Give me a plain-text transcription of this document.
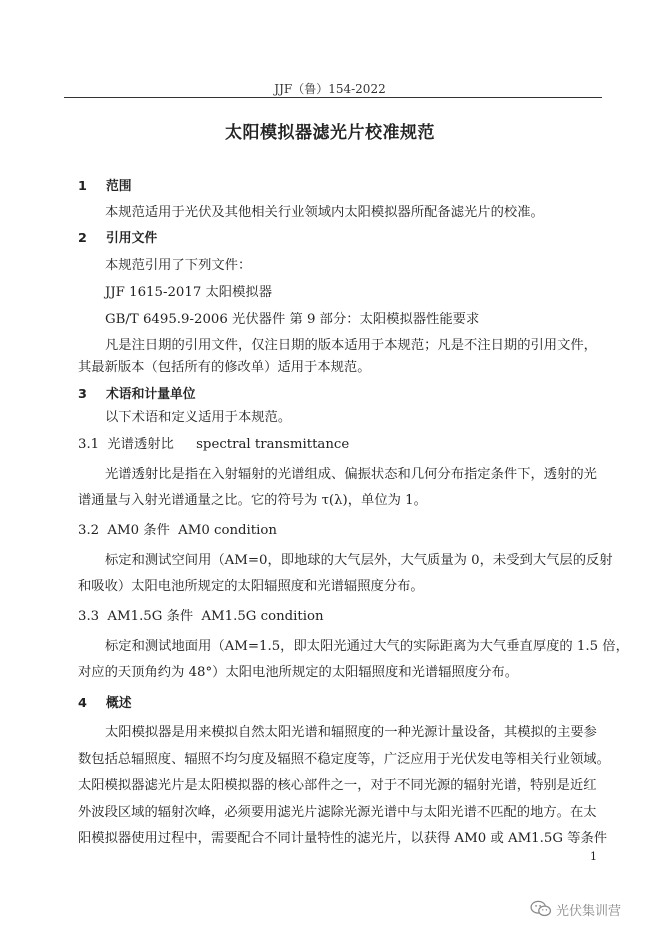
JJF（鲁）154-2022
太阳模拟器滤光片校准规范
1 范围
本规范适用于光伏及其他相关行业领域内太阳模拟器所配备滤光片的校准。
2 引用文件
本规范引用了下列文件：
JJF 1615-2017 太阳模拟器
GB/T 6495.9-2006 光伏器件 第 9 部分：太阳模拟器性能要求
凡是注日期的引用文件，仅注日期的版本适用于本规范；凡是不注日期的引用文件，
其最新版本（包括所有的修改单）适用于本规范。
3 术语和计量单位
以下术语和定义适用于本规范。
3.1 光谱透射比 spectral transmittance
光谱透射比是指在入射辐射的光谱组成、偏振状态和几何分布指定条件下，透射的光
谱通量与入射光谱通量之比。它的符号为 τ(λ)，单位为 1。
3.2 AM0 条件 AM0 condition
标定和测试空间用（AM=0，即地球的大气层外，大气质量为 0，未受到大气层的反射
和吸收）太阳电池所规定的太阳辐照度和光谱辐照度分布。
3.3 AM1.5G 条件 AM1.5G condition
标定和测试地面用（AM=1.5，即太阳光通过大气的实际距离为大气垂直厚度的 1.5 倍，
对应的天顶角约为 48°）太阳电池所规定的太阳辐照度和光谱辐照度分布。
4 概述
太阳模拟器是用来模拟自然太阳光谱和辐照度的一种光源计量设备，其模拟的主要参
数包括总辐照度、辐照不均匀度及辐照不稳定度等，广泛应用于光伏发电等相关行业领域。
太阳模拟器滤光片是太阳模拟器的核心部件之一，对于不同光源的辐射光谱，特别是近红
外波段区域的辐射次峰，必须要用滤光片滤除光源光谱中与太阳光谱不匹配的地方。在太
阳模拟器使用过程中，需要配合不同计量特性的滤光片，以获得 AM0 或 AM1.5G 等条件
1
光伏集训营
